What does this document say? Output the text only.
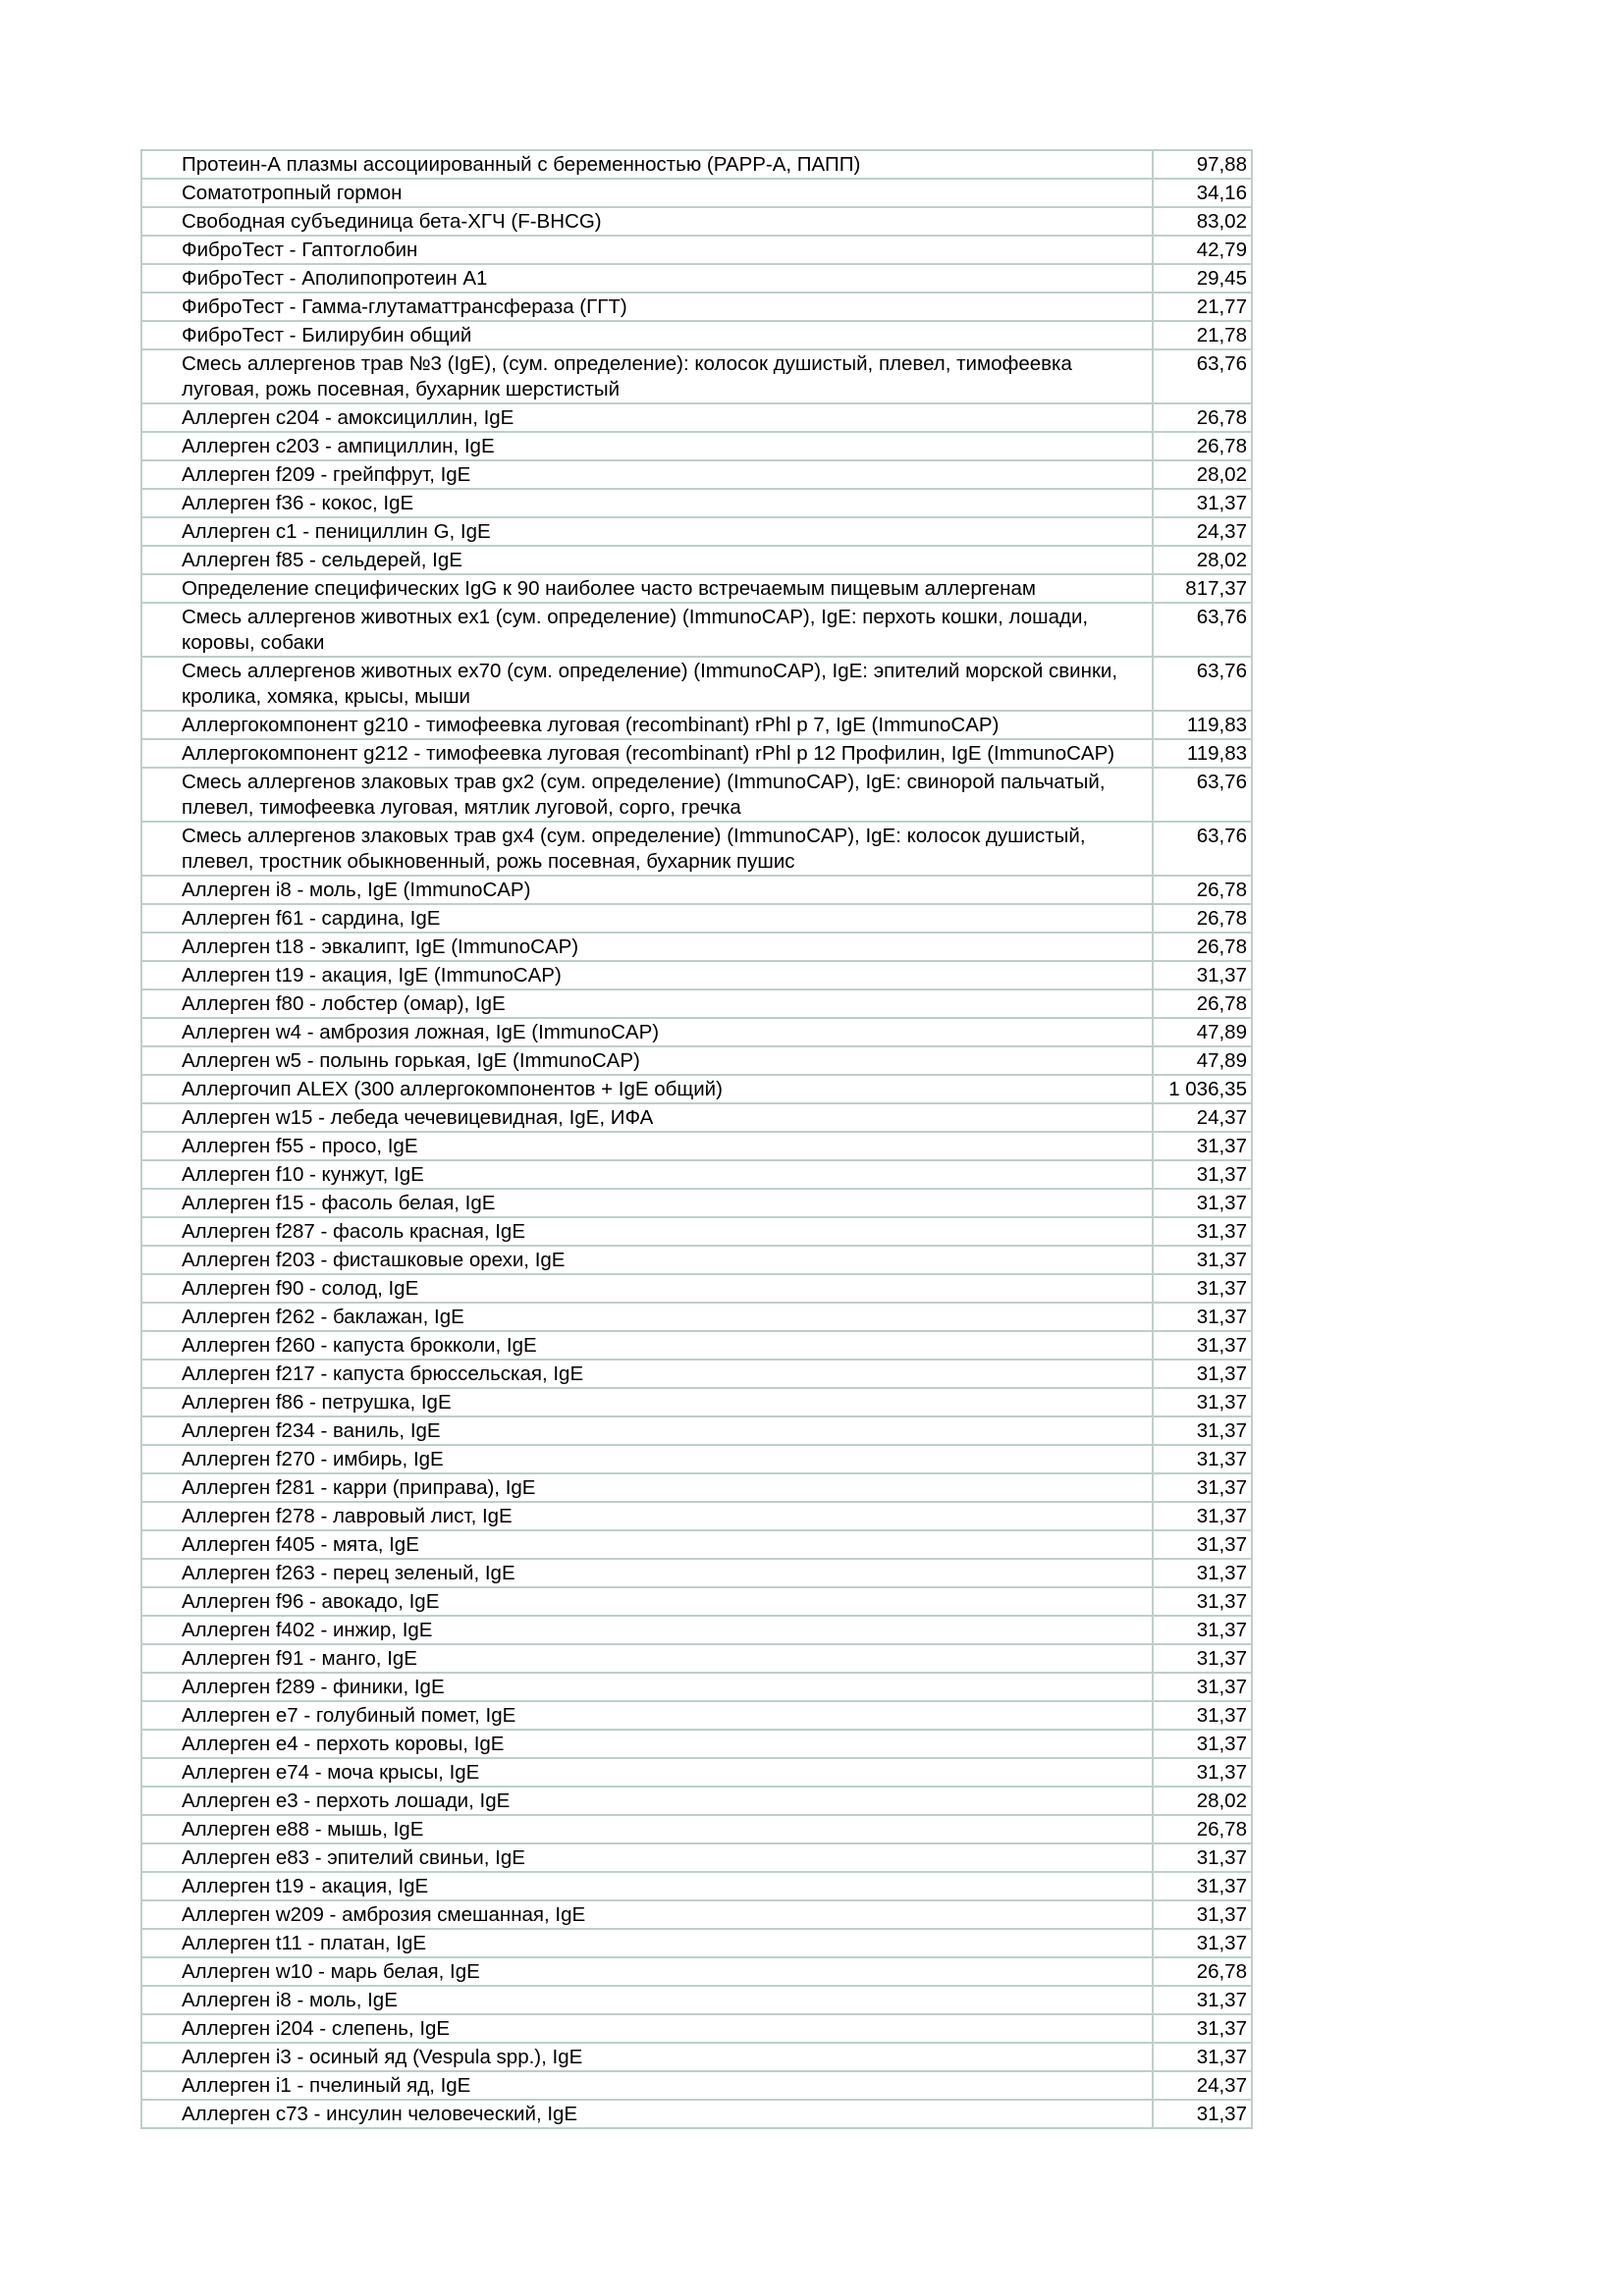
Протеин-А плазмы ассоциированный с беременностью (PAPP-A, ПАПП)	97,88
Соматотропный гормон	34,16
Свободная субъединица бета-ХГЧ (F-BHCG)	83,02
ФиброТест - Гаптоглобин	42,79
ФиброТест - Аполипопротеин А1	29,45
ФиброТест - Гамма-глутаматтрансфераза (ГГТ)	21,77
ФиброТест - Билирубин общий	21,78
Смесь аллергенов трав №3 (IgE), (сум. определение): колосок душистый, плевел, тимофеевка луговая, рожь посевная, бухарник шерстистый	63,76
Аллерген c204 - амоксициллин, IgE	26,78
Аллерген c203 - ампициллин, IgE	26,78
Аллерген f209 - грейпфрут, IgE	28,02
Аллерген f36 - кокос, IgE	31,37
Аллерген c1 - пенициллин G, IgE	24,37
Аллерген f85 - сельдерей, IgE	28,02
Определение специфических IgG к 90 наиболее часто встречаемым пищевым аллергенам	817,37
Смесь аллергенов животных ex1 (сум. определение) (ImmunoCAP), IgE: перхоть кошки, лошади, коровы, собаки	63,76
Смесь аллергенов животных ex70 (сум. определение) (ImmunoCAP), IgE: эпителий морской свинки, кролика, хомяка, крысы, мыши	63,76
Аллергокомпонент g210 - тимофеевка луговая (recombinant) rPhl p 7, IgE (ImmunoCAP)	119,83
Аллергокомпонент g212 - тимофеевка луговая (recombinant) rPhl p 12 Профилин, IgE (ImmunoCAP)	119,83
Смесь аллергенов злаковых трав gx2 (сум. определение) (ImmunoCAP), IgE: свинорой пальчатый, плевел, тимофеевка луговая, мятлик луговой, сорго, гречка	63,76
Смесь аллергенов злаковых трав gx4 (сум. определение) (ImmunoCAP), IgE: колосок душистый, плевел, тростник обыкновенный, рожь посевная, бухарник пушис	63,76
Аллерген i8 - моль, IgE (ImmunoCAP)	26,78
Аллерген f61 - сардина, IgE	26,78
Аллерген t18 - эвкалипт, IgE (ImmunoCAP)	26,78
Аллерген t19 - акация, IgE (ImmunoCAP)	31,37
Аллерген f80 - лобстер (омар), IgE	26,78
Аллерген w4 - амброзия ложная, IgE (ImmunoCAP)	47,89
Аллерген w5 - полынь горькая, IgE (ImmunoCAP)	47,89
Аллергочип ALEX (300 аллергокомпонентов + IgE общий)	1 036,35
Аллерген w15 - лебеда чечевицевидная, IgE, ИФА	24,37
Аллерген f55 - просо, IgE	31,37
Аллерген f10 - кунжут, IgE	31,37
Аллерген f15 - фасоль белая, IgE	31,37
Аллерген f287 - фасоль красная, IgE	31,37
Аллерген f203 - фисташковые орехи, IgE	31,37
Аллерген f90 - солод, IgE	31,37
Аллерген f262 - баклажан, IgE	31,37
Аллерген f260 - капуста брокколи, IgE	31,37
Аллерген f217 - капуста брюссельская, IgE	31,37
Аллерген f86 - петрушка, IgE	31,37
Аллерген f234 - ваниль, IgE	31,37
Аллерген f270 - имбирь, IgE	31,37
Аллерген f281 - карри (приправа), IgE	31,37
Аллерген f278 - лавровый лист, IgE	31,37
Аллерген f405 - мята, IgE	31,37
Аллерген f263 - перец зеленый, IgE	31,37
Аллерген f96 - авокадо, IgE	31,37
Аллерген f402 - инжир, IgE	31,37
Аллерген f91 - манго, IgE	31,37
Аллерген f289 - финики, IgE	31,37
Аллерген e7 - голубиный помет, IgE	31,37
Аллерген e4 - перхоть коровы, IgE	31,37
Аллерген e74 - моча крысы, IgE	31,37
Аллерген e3 - перхоть лошади, IgE	28,02
Аллерген e88 - мышь, IgE	26,78
Аллерген e83 - эпителий свиньи, IgE	31,37
Аллерген t19 - акация, IgE	31,37
Аллерген w209 - амброзия смешанная, IgE	31,37
Аллерген t11 - платан, IgE	31,37
Аллерген w10 - марь белая, IgE	26,78
Аллерген i8 - моль, IgE	31,37
Аллерген i204 - слепень, IgE	31,37
Аллерген i3 - осиный яд (Vespula spp.), IgE	31,37
Аллерген i1 - пчелиный яд, IgE	24,37
Аллерген c73 - инсулин человеческий, IgE	31,37
